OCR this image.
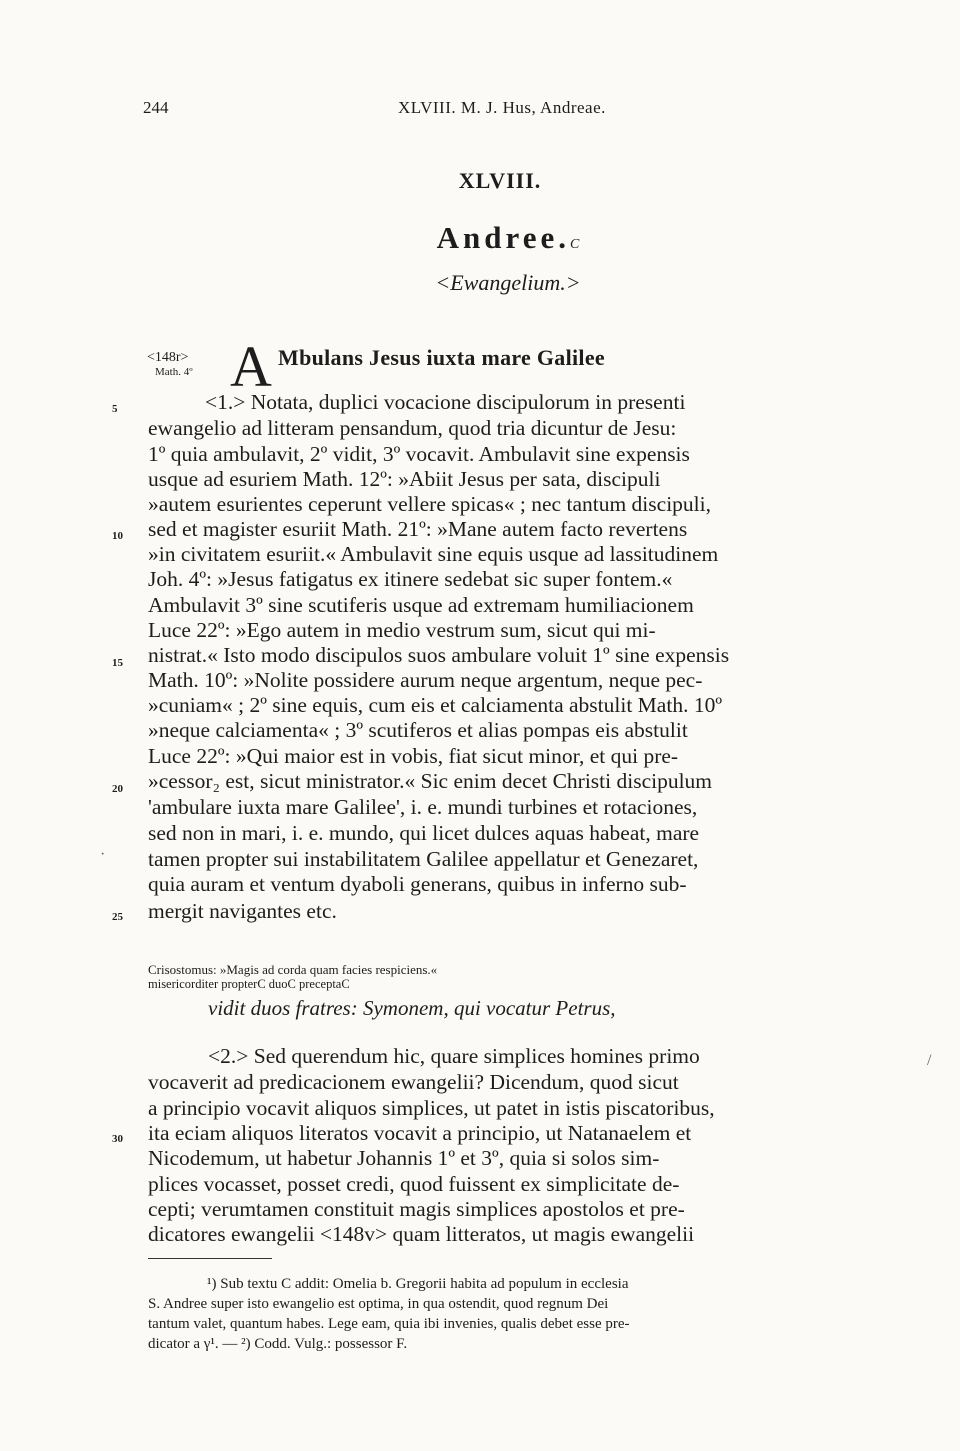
244	XLVIII. M. J. Hus, Andreae.
XLVIII.
Andree.C
<Ewangelium.>
<148r>
Math. 4º A Mbulans Jesus iuxta mare Galilee
<1.> Notata, duplici vocacione discipulorum in presenti
ewangelio ad litteram pensandum, quod tria dicuntur de Jesu:
1º quia ambulavit, 2º vidit, 3º vocavit. Ambulavit sine expensis
usque ad esuriem Math. 12º: »Abiit Jesus per sata, discipuli
»autem esurientes ceperunt vellere spicas« ; nec tantum discipuli,
sed et magister esuriit Math. 21º: »Mane autem facto revertens
»in civitatem esuriit.« Ambulavit sine equis usque ad lassitudinem
Joh. 4º: »Jesus fatigatus ex itinere sedebat sic super fontem.«
Ambulavit 3º sine scutiferis usque ad extremam humiliacionem
Luce 22º: »Ego autem in medio vestrum sum, sicut qui mi-
nistrat.« Isto modo discipulos suos ambulare voluit 1º sine expensis
Math. 10º: »Nolite possidere aurum neque argentum, neque pec-
»cuniam« ; 2º sine equis, cum eis et calciamenta abstulit Math. 10º
»neque calciamenta« ; 3º scutiferos et alias pompas eis abstulit
Luce 22º: »Qui maior est in vobis, fiat sicut minor, et qui pre-
»cessor₂ est, sicut ministrator.« Sic enim decet Christi discipulum
'ambulare iuxta mare Galilee', i. e. mundi turbines et rotaciones,
sed non in mari, i. e. mundo, qui licet dulces aquas habeat, mare
tamen propter sui instabilitatem Galilee appellatur et Genezaret,
quia auram et ventum dyaboli generans, quibus in inferno sub-
mergit navigantes etc.
5
10
15
20
25
·
Crisostomus: »Magis ad corda quam facies respiciens.«
misericorditer propterC duoC preceptaC
vidit duos fratres: Symonem, qui vocatur Petrus,
<2.> Sed querendum hic, quare simplices homines primo
vocaverit ad predicacionem ewangelii? Dicendum, quod sicut
a principio vocavit aliquos simplices, ut patet in istis piscatoribus,
ita eciam aliquos literatos vocavit a principio, ut Natanaelem et
Nicodemum, ut habetur Johannis 1º et 3º, quia si solos sim-
plices vocasset, posset credi, quod fuissent ex simplicitate de-
cepti; verumtamen constituit magis simplices apostolos et pre-
dicatores ewangelii <148v> quam litteratos, ut magis ewangelii
30
/
¹) Sub textu C addit: Omelia b. Gregorii habita ad populum in ecclesia
S. Andree super isto ewangelio est optima, in qua ostendit, quod regnum Dei
tantum valet, quantum habes. Lege eam, quia ibi invenies, qualis debet esse pre-
dicator a γ¹. — ²) Codd. Vulg.: possessor F.
